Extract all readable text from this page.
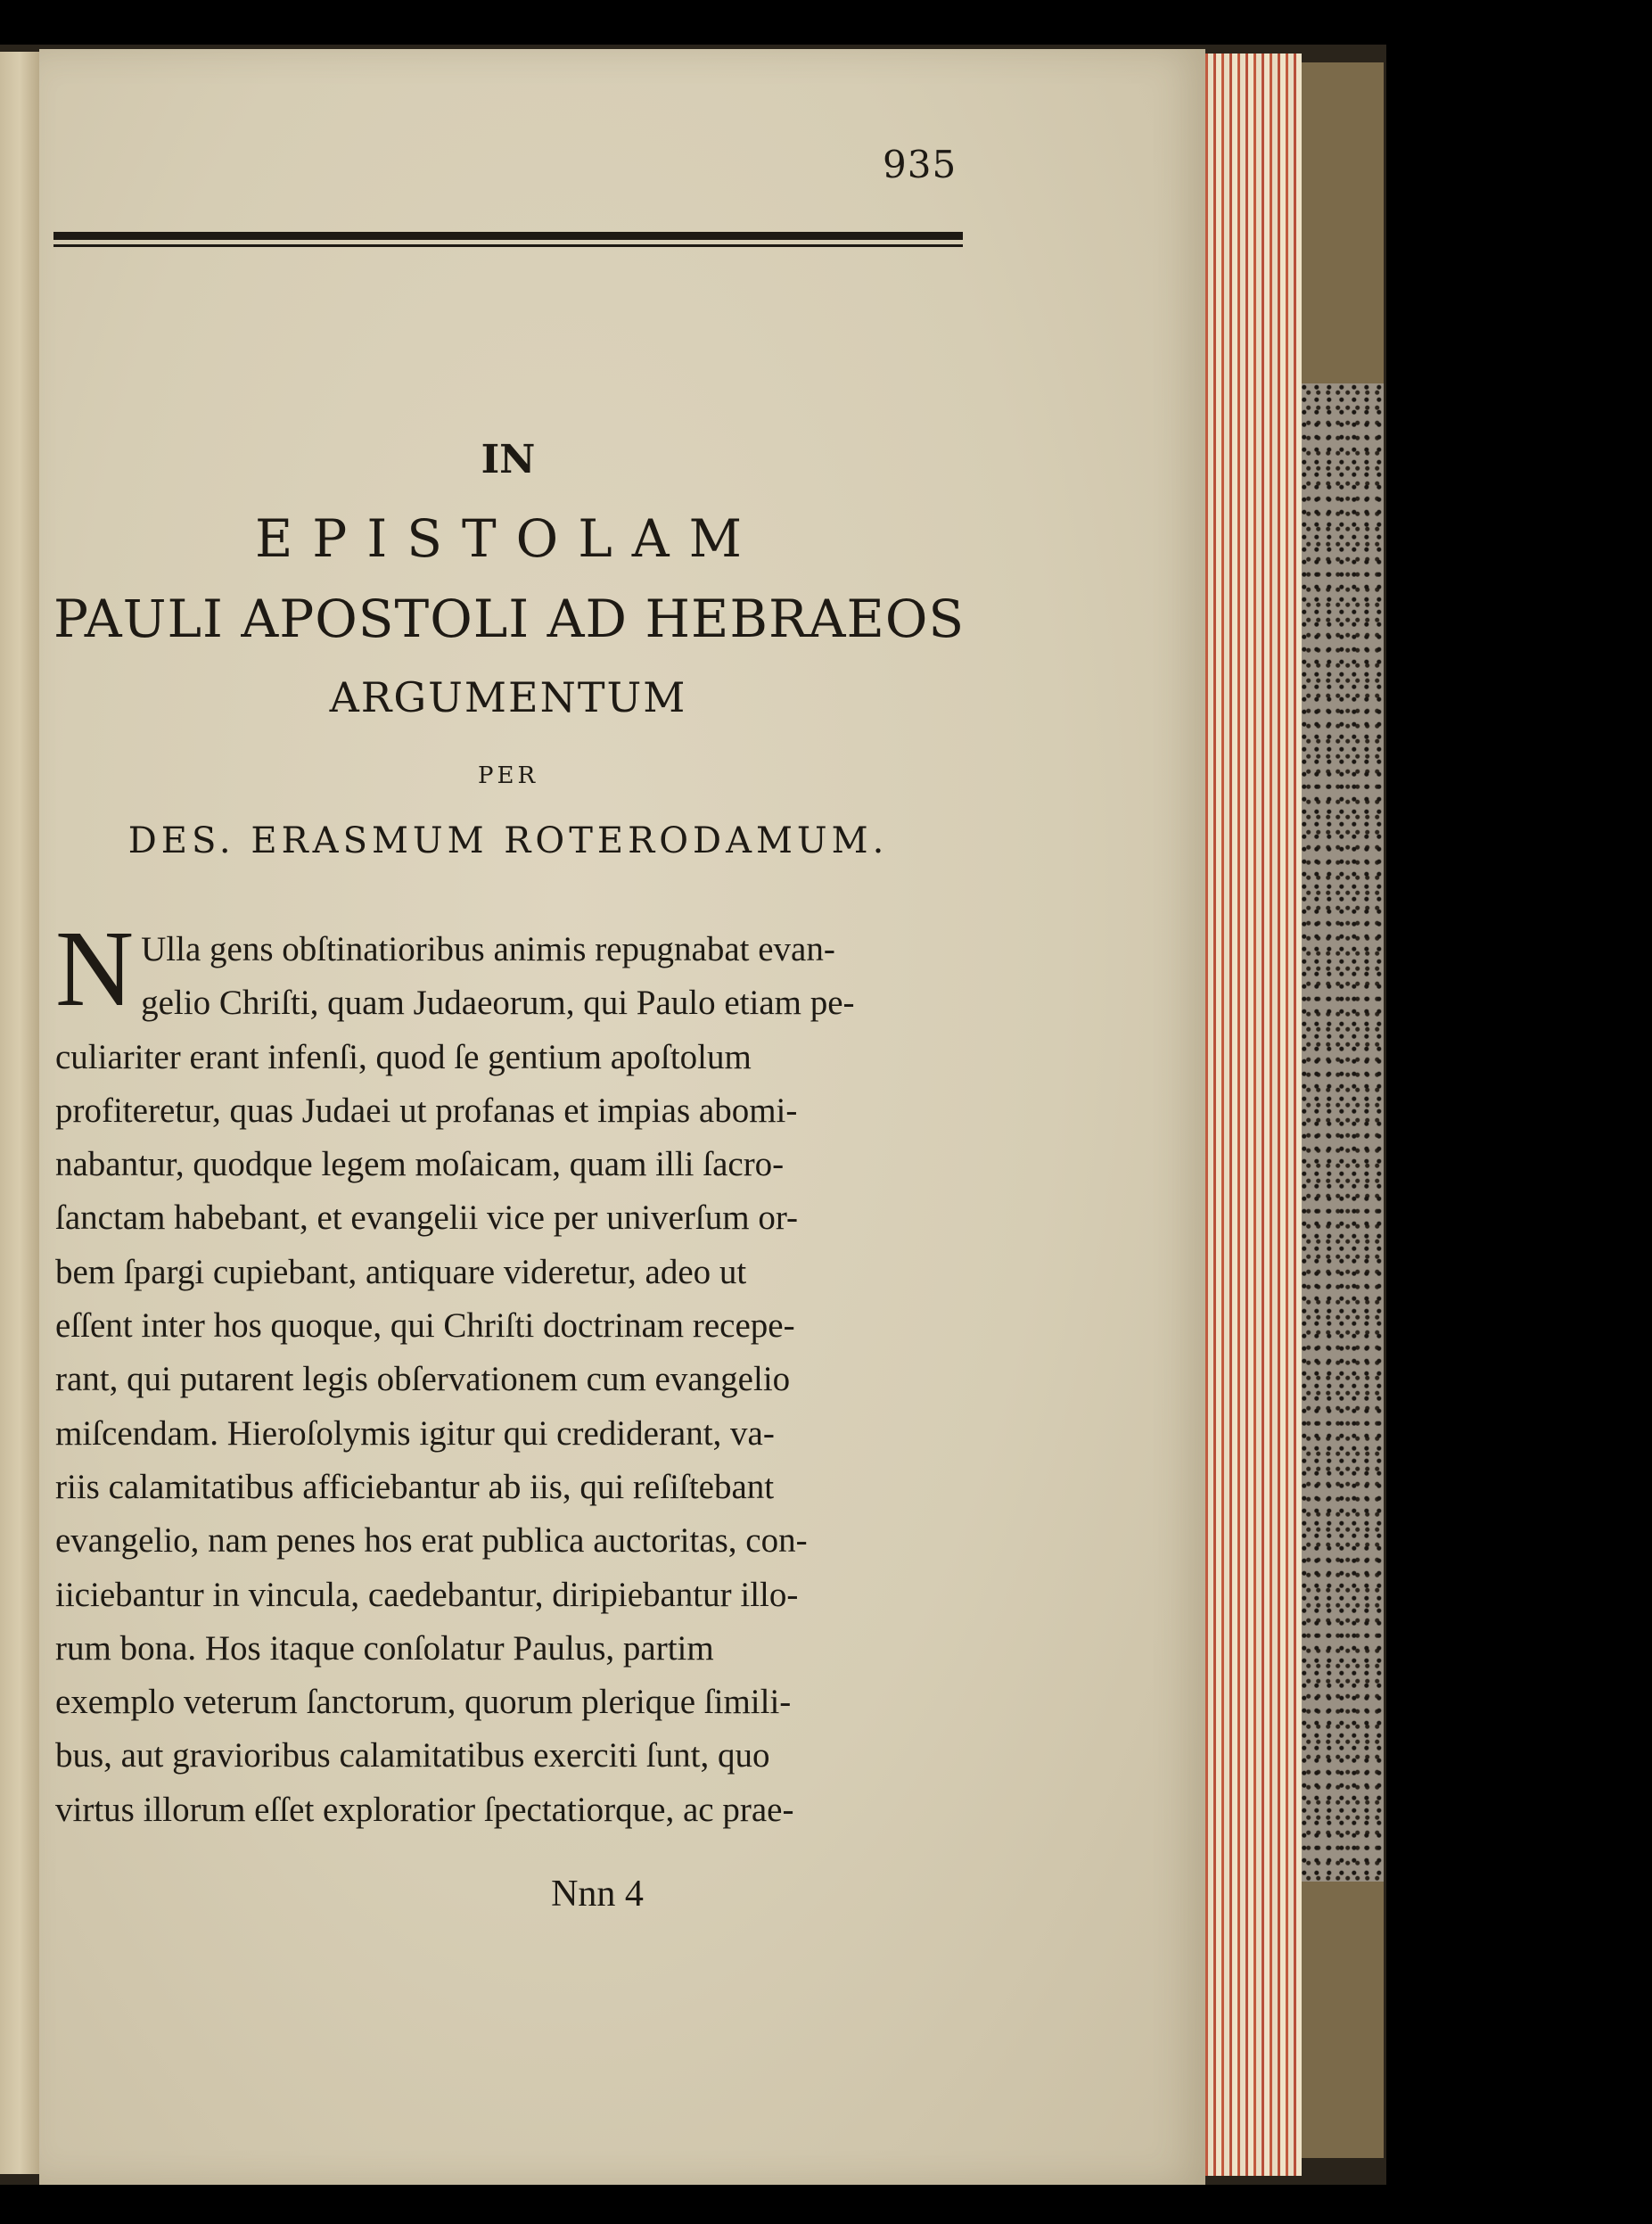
935
IN
EPISTOLAM
PAULI APOSTOLI AD HEBRAEOS
ARGUMENTUM
PER
DES. ERASMUM ROTERODAMUM.
N Ulla gens obſtinatioribus animis repugnabat evan-
gelio Chriſti, quam Judaeorum, qui Paulo etiam pe-
culiariter erant infenſi, quod ſe gentium apoſtolum
profiteretur, quas Judaei ut profanas et impias abomi-
nabantur, quodque legem moſaicam, quam illi ſacro-
ſanctam habebant, et evangelii vice per univerſum or-
bem ſpargi cupiebant, antiquare videretur, adeo ut
eſſent inter hos quoque, qui Chriſti doctrinam recepe-
rant, qui putarent legis obſervationem cum evangelio
miſcendam. Hieroſolymis igitur qui crediderant, va-
riis calamitatibus afficiebantur ab iis, qui reſiſtebant
evangelio, nam penes hos erat publica auctoritas, con-
iiciebantur in vincula, caedebantur, diripiebantur illo-
rum bona. Hos itaque conſolatur Paulus, partim
exemplo veterum ſanctorum, quorum plerique ſimili-
bus, aut gravioribus calamitatibus exerciti ſunt, quo
virtus illorum eſſet exploratior ſpectatiorque, ac prae-
Nnn 4
